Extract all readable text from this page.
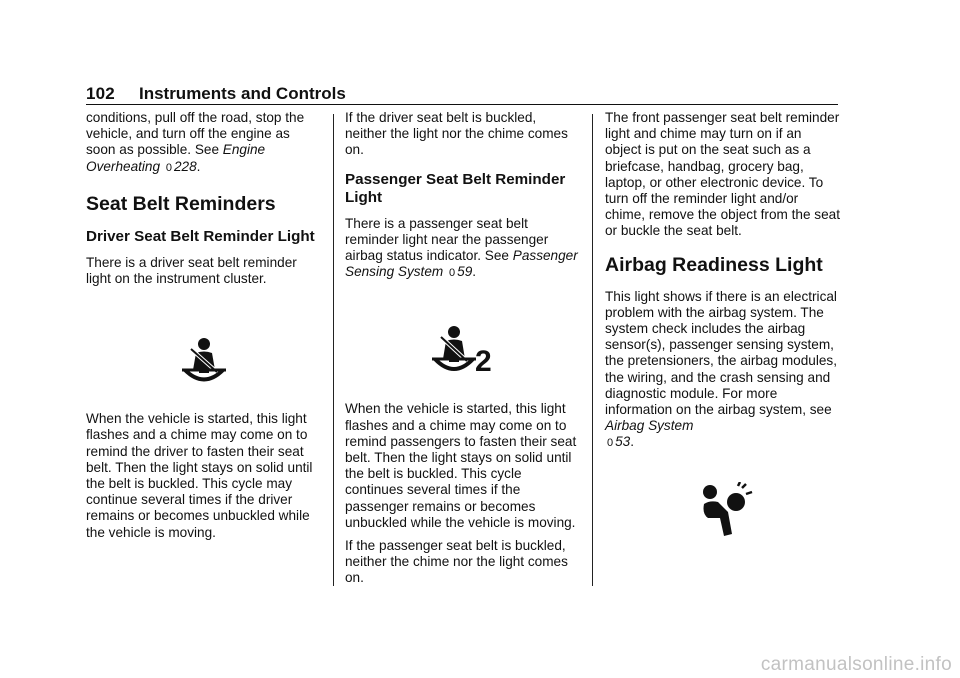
102 Instruments and Controls

conditions, pull off the road, stop the vehicle, and turn off the engine as soon as possible. See Engine Overheating 0 228.

Seat Belt Reminders
Driver Seat Belt Reminder Light

There is a driver seat belt reminder light on the instrument cluster.

When the vehicle is started, this light flashes and a chime may come on to remind the driver to fasten their seat belt. Then the light stays on solid until the belt is buckled. This cycle may continue several times if the driver remains or becomes unbuckled while the vehicle is moving.

If the driver seat belt is buckled, neither the light nor the chime comes on.

Passenger Seat Belt Reminder Light

There is a passenger seat belt reminder light near the passenger airbag status indicator. See Passenger Sensing System 0 59.

2

When the vehicle is started, this light flashes and a chime may come on to remind passengers to fasten their seat belt. Then the light stays on solid until the belt is buckled. This cycle continues several times if the passenger remains or becomes unbuckled while the vehicle is moving.

If the passenger seat belt is buckled, neither the chime nor the light comes on.

The front passenger seat belt reminder light and chime may turn on if an object is put on the seat such as a briefcase, handbag, grocery bag, laptop, or other electronic device. To turn off the reminder light and/or chime, remove the object from the seat or buckle the seat belt.

Airbag Readiness Light

This light shows if there is an electrical problem with the airbag system. The system check includes the airbag sensor(s), passenger sensing system, the pretensioners, the airbag modules, the wiring, and the crash sensing and diagnostic module. For more information on the airbag system, see Airbag System
0 53.

carmanualsonline.info
